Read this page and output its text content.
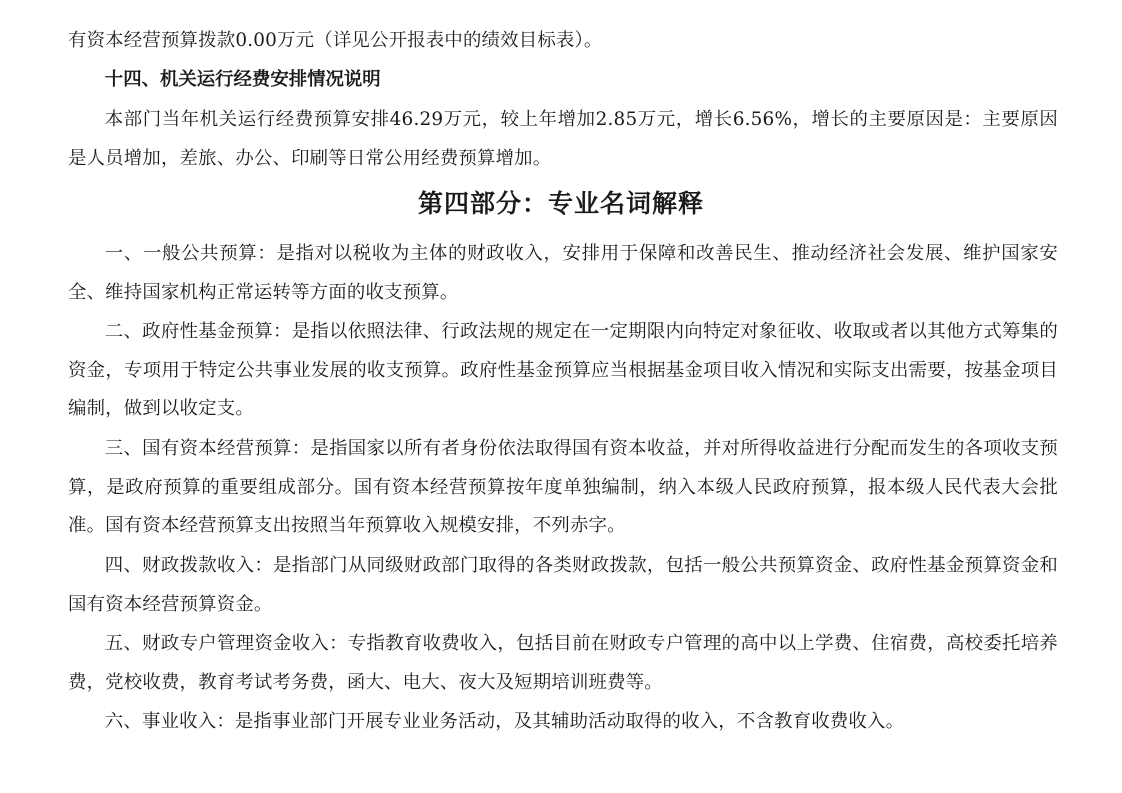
有资本经营预算拨款0.00万元（详见公开报表中的绩效目标表）。

十四、机关运行经费安排情况说明

本部门当年机关运行经费预算安排46.29万元，较上年增加2.85万元，增长6.56%，增长的主要原因是：主要原因是人员增加，差旅、办公、印刷等日常公用经费预算增加。

第四部分：专业名词解释

一、一般公共预算：是指对以税收为主体的财政收入，安排用于保障和改善民生、推动经济社会发展、维护国家安全、维持国家机构正常运转等方面的收支预算。

二、政府性基金预算：是指以依照法律、行政法规的规定在一定期限内向特定对象征收、收取或者以其他方式筹集的资金，专项用于特定公共事业发展的收支预算。政府性基金预算应当根据基金项目收入情况和实际支出需要，按基金项目编制，做到以收定支。

三、国有资本经营预算：是指国家以所有者身份依法取得国有资本收益，并对所得收益进行分配而发生的各项收支预算，是政府预算的重要组成部分。国有资本经营预算按年度单独编制，纳入本级人民政府预算，报本级人民代表大会批准。国有资本经营预算支出按照当年预算收入规模安排，不列赤字。

四、财政拨款收入：是指部门从同级财政部门取得的各类财政拨款，包括一般公共预算资金、政府性基金预算资金和国有资本经营预算资金。

五、财政专户管理资金收入：专指教育收费收入，包括目前在财政专户管理的高中以上学费、住宿费，高校委托培养费，党校收费，教育考试考务费，函大、电大、夜大及短期培训班费等。

六、事业收入：是指事业部门开展专业业务活动，及其辅助活动取得的收入，不含教育收费收入。
